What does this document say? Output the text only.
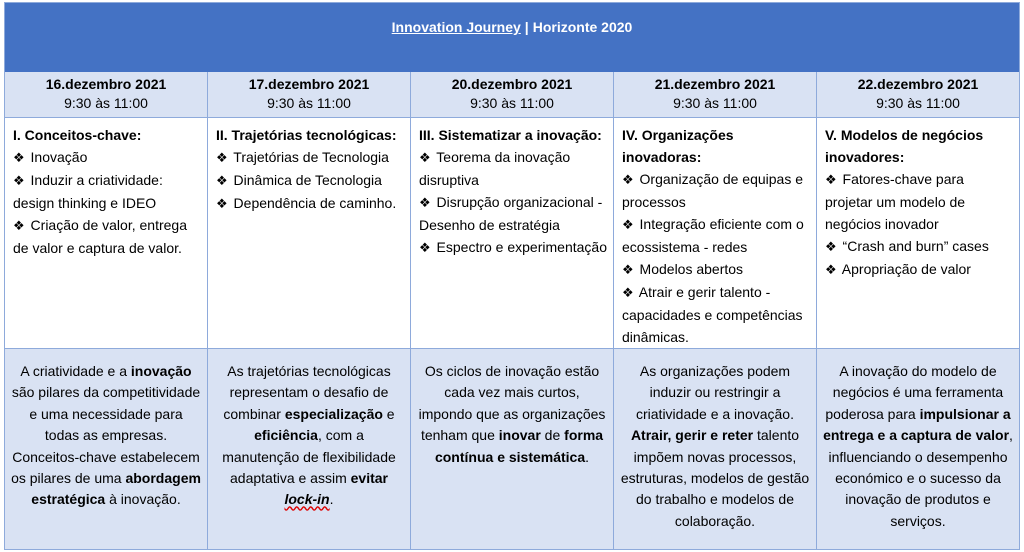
Innovation Journey | Horizonte 2020
16.dezembro 2021
9:30 às 11:00
I. Conceitos-chave:
❖ Inovação
❖ Induzir a criatividade: design thinking e IDEO
❖ Criação de valor, entrega de valor e captura de valor.
A criatividade e a inovação são pilares da competitividade e uma necessidade para todas as empresas. Conceitos-chave estabelecem os pilares de uma abordagem estratégica à inovação.
17.dezembro 2021
9:30 às 11:00
II. Trajetórias tecnológicas:
❖ Trajetórias de Tecnologia
❖ Dinâmica de Tecnologia
❖ Dependência de caminho.
As trajetórias tecnológicas representam o desafio de combinar especialização e eficiência, com a manutenção de flexibilidade adaptativa e assim evitar lock-in.
20.dezembro 2021
9:30 às 11:00
III. Sistematizar a inovação:
❖ Teorema da inovação disruptiva
❖ Disrupção organizacional - Desenho de estratégia
❖ Espectro e experimentação
Os ciclos de inovação estão cada vez mais curtos, impondo que as organizações tenham que inovar de forma contínua e sistemática.
21.dezembro 2021
9:30 às 11:00
IV. Organizações inovadoras:
❖ Organização de equipas e processos
❖ Integração eficiente com o ecossistema - redes
❖ Modelos abertos
❖ Atrair e gerir talento - capacidades e competências dinâmicas.
As organizações podem induzir ou restringir a criatividade e a inovação. Atrair, gerir e reter talento impõem novas processos, estruturas, modelos de gestão do trabalho e modelos de colaboração.
22.dezembro 2021
9:30 às 11:00
V. Modelos de negócios inovadores:
❖ Fatores-chave para projetar um modelo de negócios inovador
❖ “Crash and burn” cases
❖ Apropriação de valor
A inovação do modelo de negócios é uma ferramenta poderosa para impulsionar a entrega e a captura de valor, influenciando o desempenho económico e o sucesso da inovação de produtos e serviços.
